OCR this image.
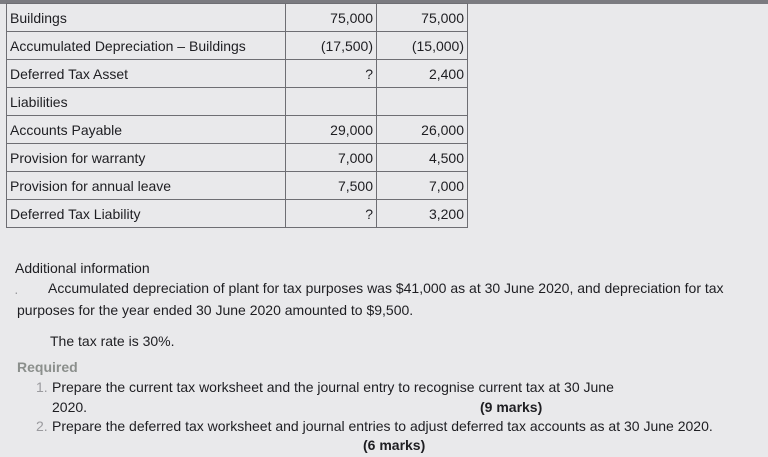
Buildings	75,000	75,000
Accumulated Depreciation – Buildings	(17,500)	(15,000)
Deferred Tax Asset	?	2,400
Liabilities		
Accounts Payable	29,000	26,000
Provision for warranty	7,000	4,500
Provision for annual leave	7,500	7,000
Deferred Tax Liability	?	3,200
Additional information
· Accumulated depreciation of plant for tax purposes was $41,000 as at 30 June 2020, and depreciation for tax
purposes for the year ended 30 June 2020 amounted to $9,500.
The tax rate is 30%.
Required
1. Prepare the current tax worksheet and the journal entry to recognise current tax at 30 June
2020.	(9 marks)
2. Prepare the deferred tax worksheet and journal entries to adjust deferred tax accounts as at 30 June 2020.
(6 marks)
